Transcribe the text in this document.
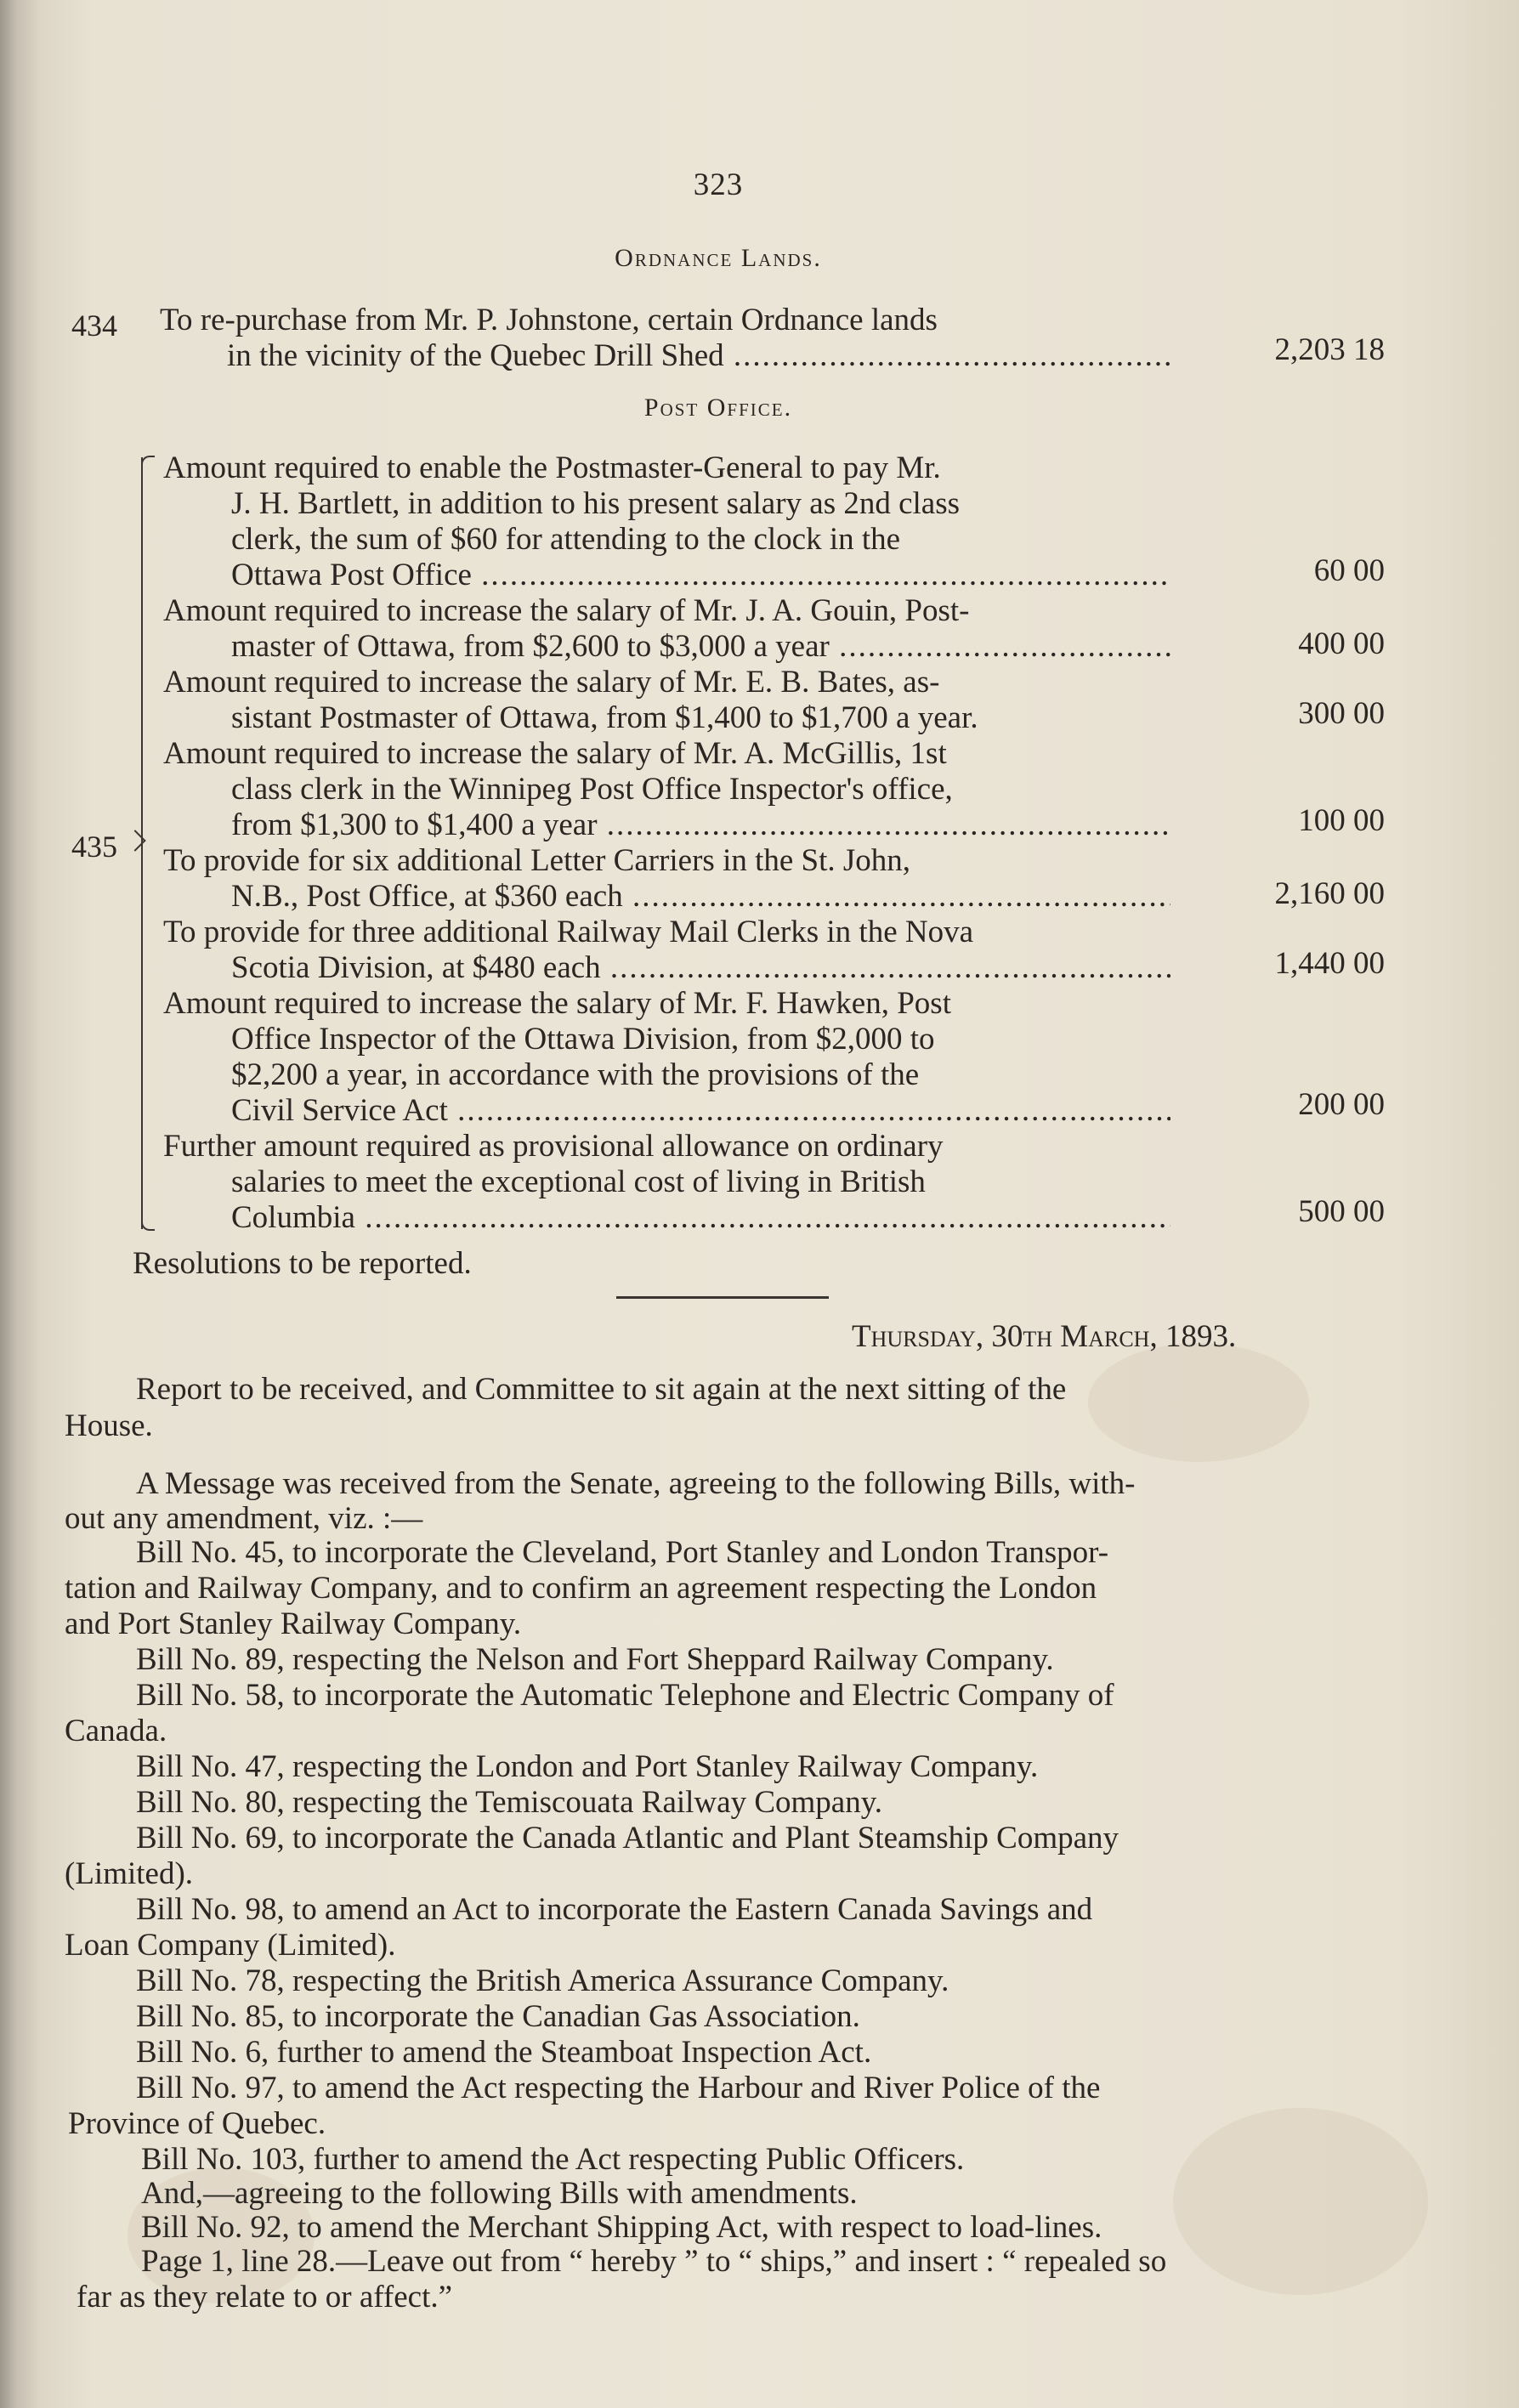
323
Ordnance Lands.
434 To re-purchase from Mr. P. Johnstone, certain Ordnance lands
in the vicinity of the Quebec Drill Shed .....	2,203 18
Post Office.
435
Amount required to enable the Postmaster-General to pay Mr.
J. H. Bartlett, in addition to his present salary as 2nd class
clerk, the sum of $60 for attending to the clock in the
Ottawa Post Office .....	60 00
Amount required to increase the salary of Mr. J. A. Gouin, Post-
master of Ottawa, from $2,600 to $3,000 a year .....	400 00
Amount required to increase the salary of Mr. E. B. Bates, as-
sistant Postmaster of Ottawa, from $1,400 to $1,700 a year.	300 00
Amount required to increase the salary of Mr. A. McGillis, 1st
class clerk in the Winnipeg Post Office Inspector's office,
from $1,300 to $1,400 a year .....	100 00
To provide for six additional Letter Carriers in the St. John,
N.B., Post Office, at $360 each .....	2,160 00
To provide for three additional Railway Mail Clerks in the Nova
Scotia Division, at $480 each .....	1,440 00
Amount required to increase the salary of Mr. F. Hawken, Post
Office Inspector of the Ottawa Division, from $2,000 to
$2,200 a year, in accordance with the provisions of the
Civil Service Act .....	200 00
Further amount required as provisional allowance on ordinary
salaries to meet the exceptional cost of living in British
Columbia .....	500 00
Resolutions to be reported.
Thursday, 30th March, 1893.
Report to be received, and Committee to sit again at the next sitting of the
House.
A Message was received from the Senate, agreeing to the following Bills, with-
out any amendment, viz. :—
Bill No. 45, to incorporate the Cleveland, Port Stanley and London Transpor-
tation and Railway Company, and to confirm an agreement respecting the London
and Port Stanley Railway Company.
Bill No. 89, respecting the Nelson and Fort Sheppard Railway Company.
Bill No. 58, to incorporate the Automatic Telephone and Electric Company of
Canada.
Bill No. 47, respecting the London and Port Stanley Railway Company.
Bill No. 80, respecting the Temiscouata Railway Company.
Bill No. 69, to incorporate the Canada Atlantic and Plant Steamship Company
(Limited).
Bill No. 98, to amend an Act to incorporate the Eastern Canada Savings and
Loan Company (Limited).
Bill No. 78, respecting the British America Assurance Company.
Bill No. 85, to incorporate the Canadian Gas Association.
Bill No. 6, further to amend the Steamboat Inspection Act.
Bill No. 97, to amend the Act respecting the Harbour and River Police of the
Province of Quebec.
Bill No. 103, further to amend the Act respecting Public Officers.
And,—agreeing to the following Bills with amendments.
Bill No. 92, to amend the Merchant Shipping Act, with respect to load-lines.
Page 1, line 28.—Leave out from “ hereby ” to “ ships,” and insert : “ repealed so
far as they relate to or affect.”
